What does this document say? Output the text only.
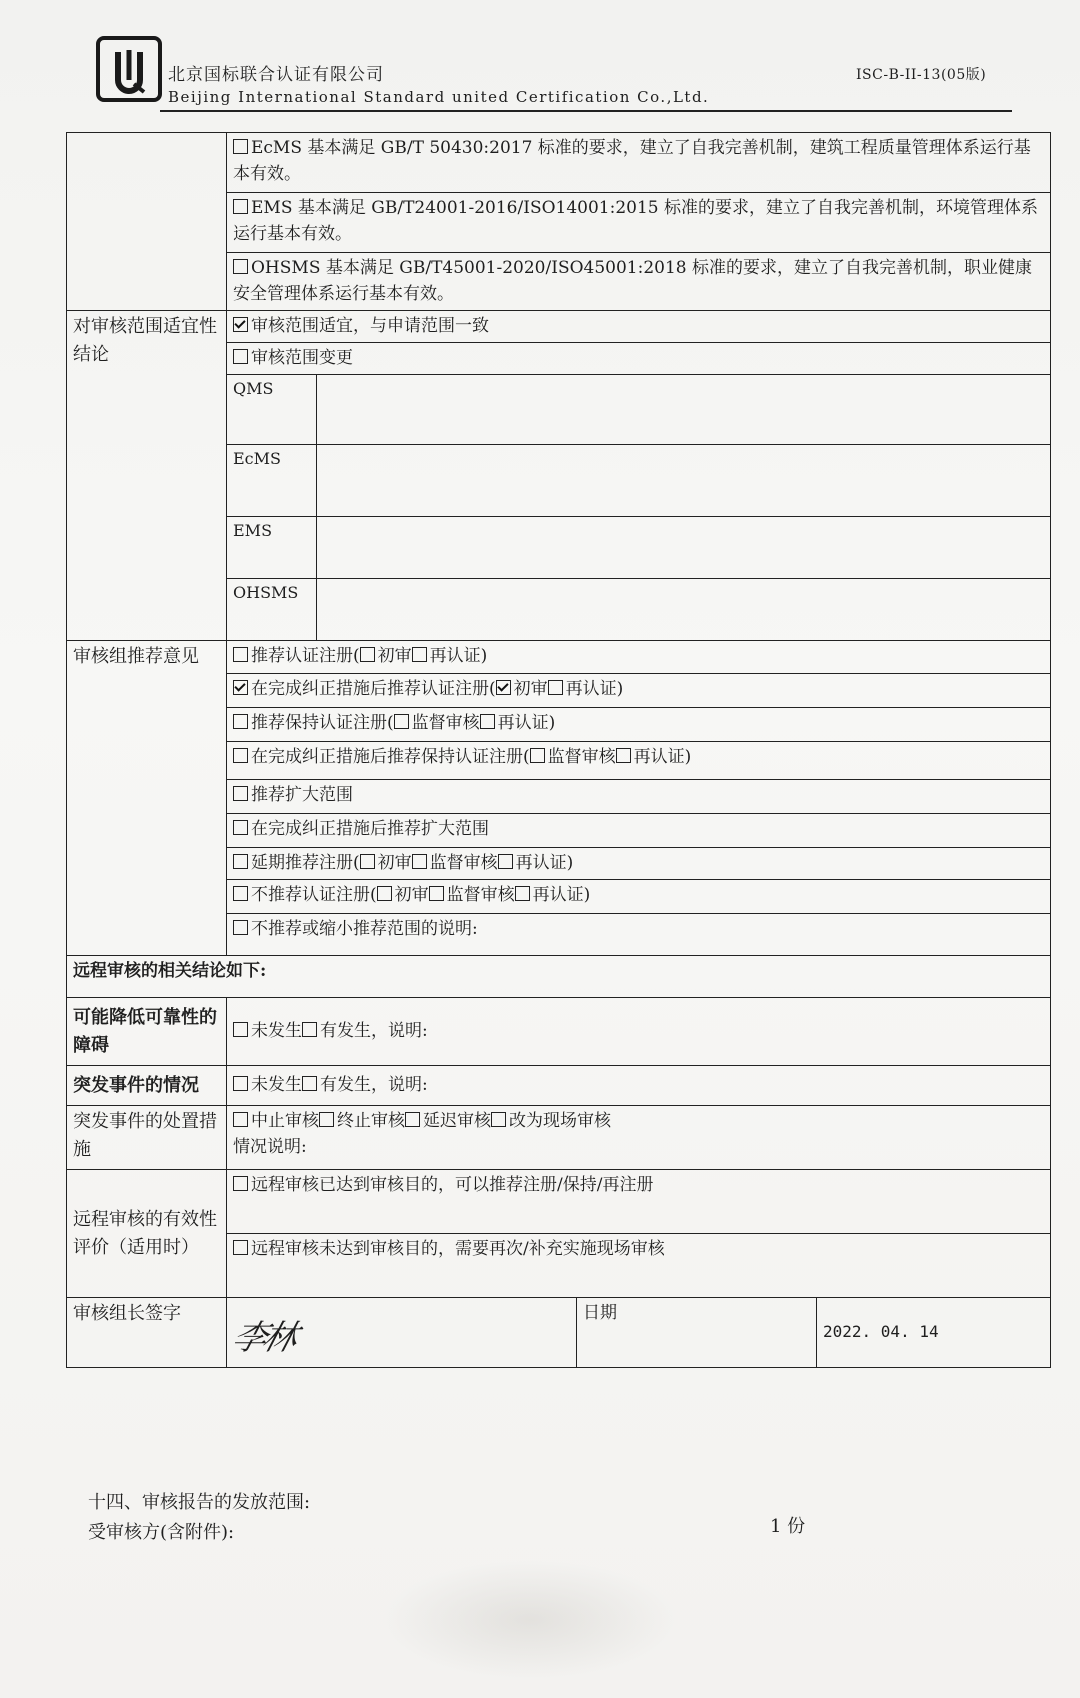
北京国标联合认证有限公司
Beijing International Standard united Certification Co.,Ltd.
ISC-B-II-13(05版)
	EcMS 基本满足 GB/T 50430:2017 标准的要求，建立了自我完善机制，建筑工程质量管理体系运行基本有效。			
	EMS 基本满足 GB/T24001-2016/ISO14001:2015 标准的要求，建立了自我完善机制，环境管理体系运行基本有效。			
	OHSMS 基本满足 GB/T45001-2020/ISO45001:2018 标准的要求，建立了自我完善机制，职业健康安全管理体系运行基本有效。			
对审核范围适宜性结论	审核范围适宜，与申请范围一致			
	审核范围变更			
	QMS			
	EcMS			
	EMS			
	OHSMS			
审核组推荐意见	推荐认证注册( 初审 再认证)			
	在完成纠正措施后推荐认证注册( 初审 再认证)			
	推荐保持认证注册( 监督审核 再认证)			
	在完成纠正措施后推荐保持认证注册( 监督审核 再认证)			
	推荐扩大范围			
	在完成纠正措施后推荐扩大范围			
	延期推荐注册( 初审 监督审核 再认证)			
	不推荐认证注册( 初审 监督审核 再认证)			
	不推荐或缩小推荐范围的说明:			
远程审核的相关结论如下:				
可能降低可靠性的障碍	未发生 有发生，说明:			
突发事件的情况	未发生 有发生，说明:			
突发事件的处置措施	中止审核 终止审核 延迟审核 改为现场审核
情况说明:			

远程审核的有效性评价（适用时）	远程审核已达到审核目的，可以推荐注册/保持/再注册			
	远程审核未达到审核目的，需要再次/补充实施现场审核			
审核组长签字	李林		日期	2022. 04. 14
十四、审核报告的发放范围:
受审核方(含附件):	1 份
